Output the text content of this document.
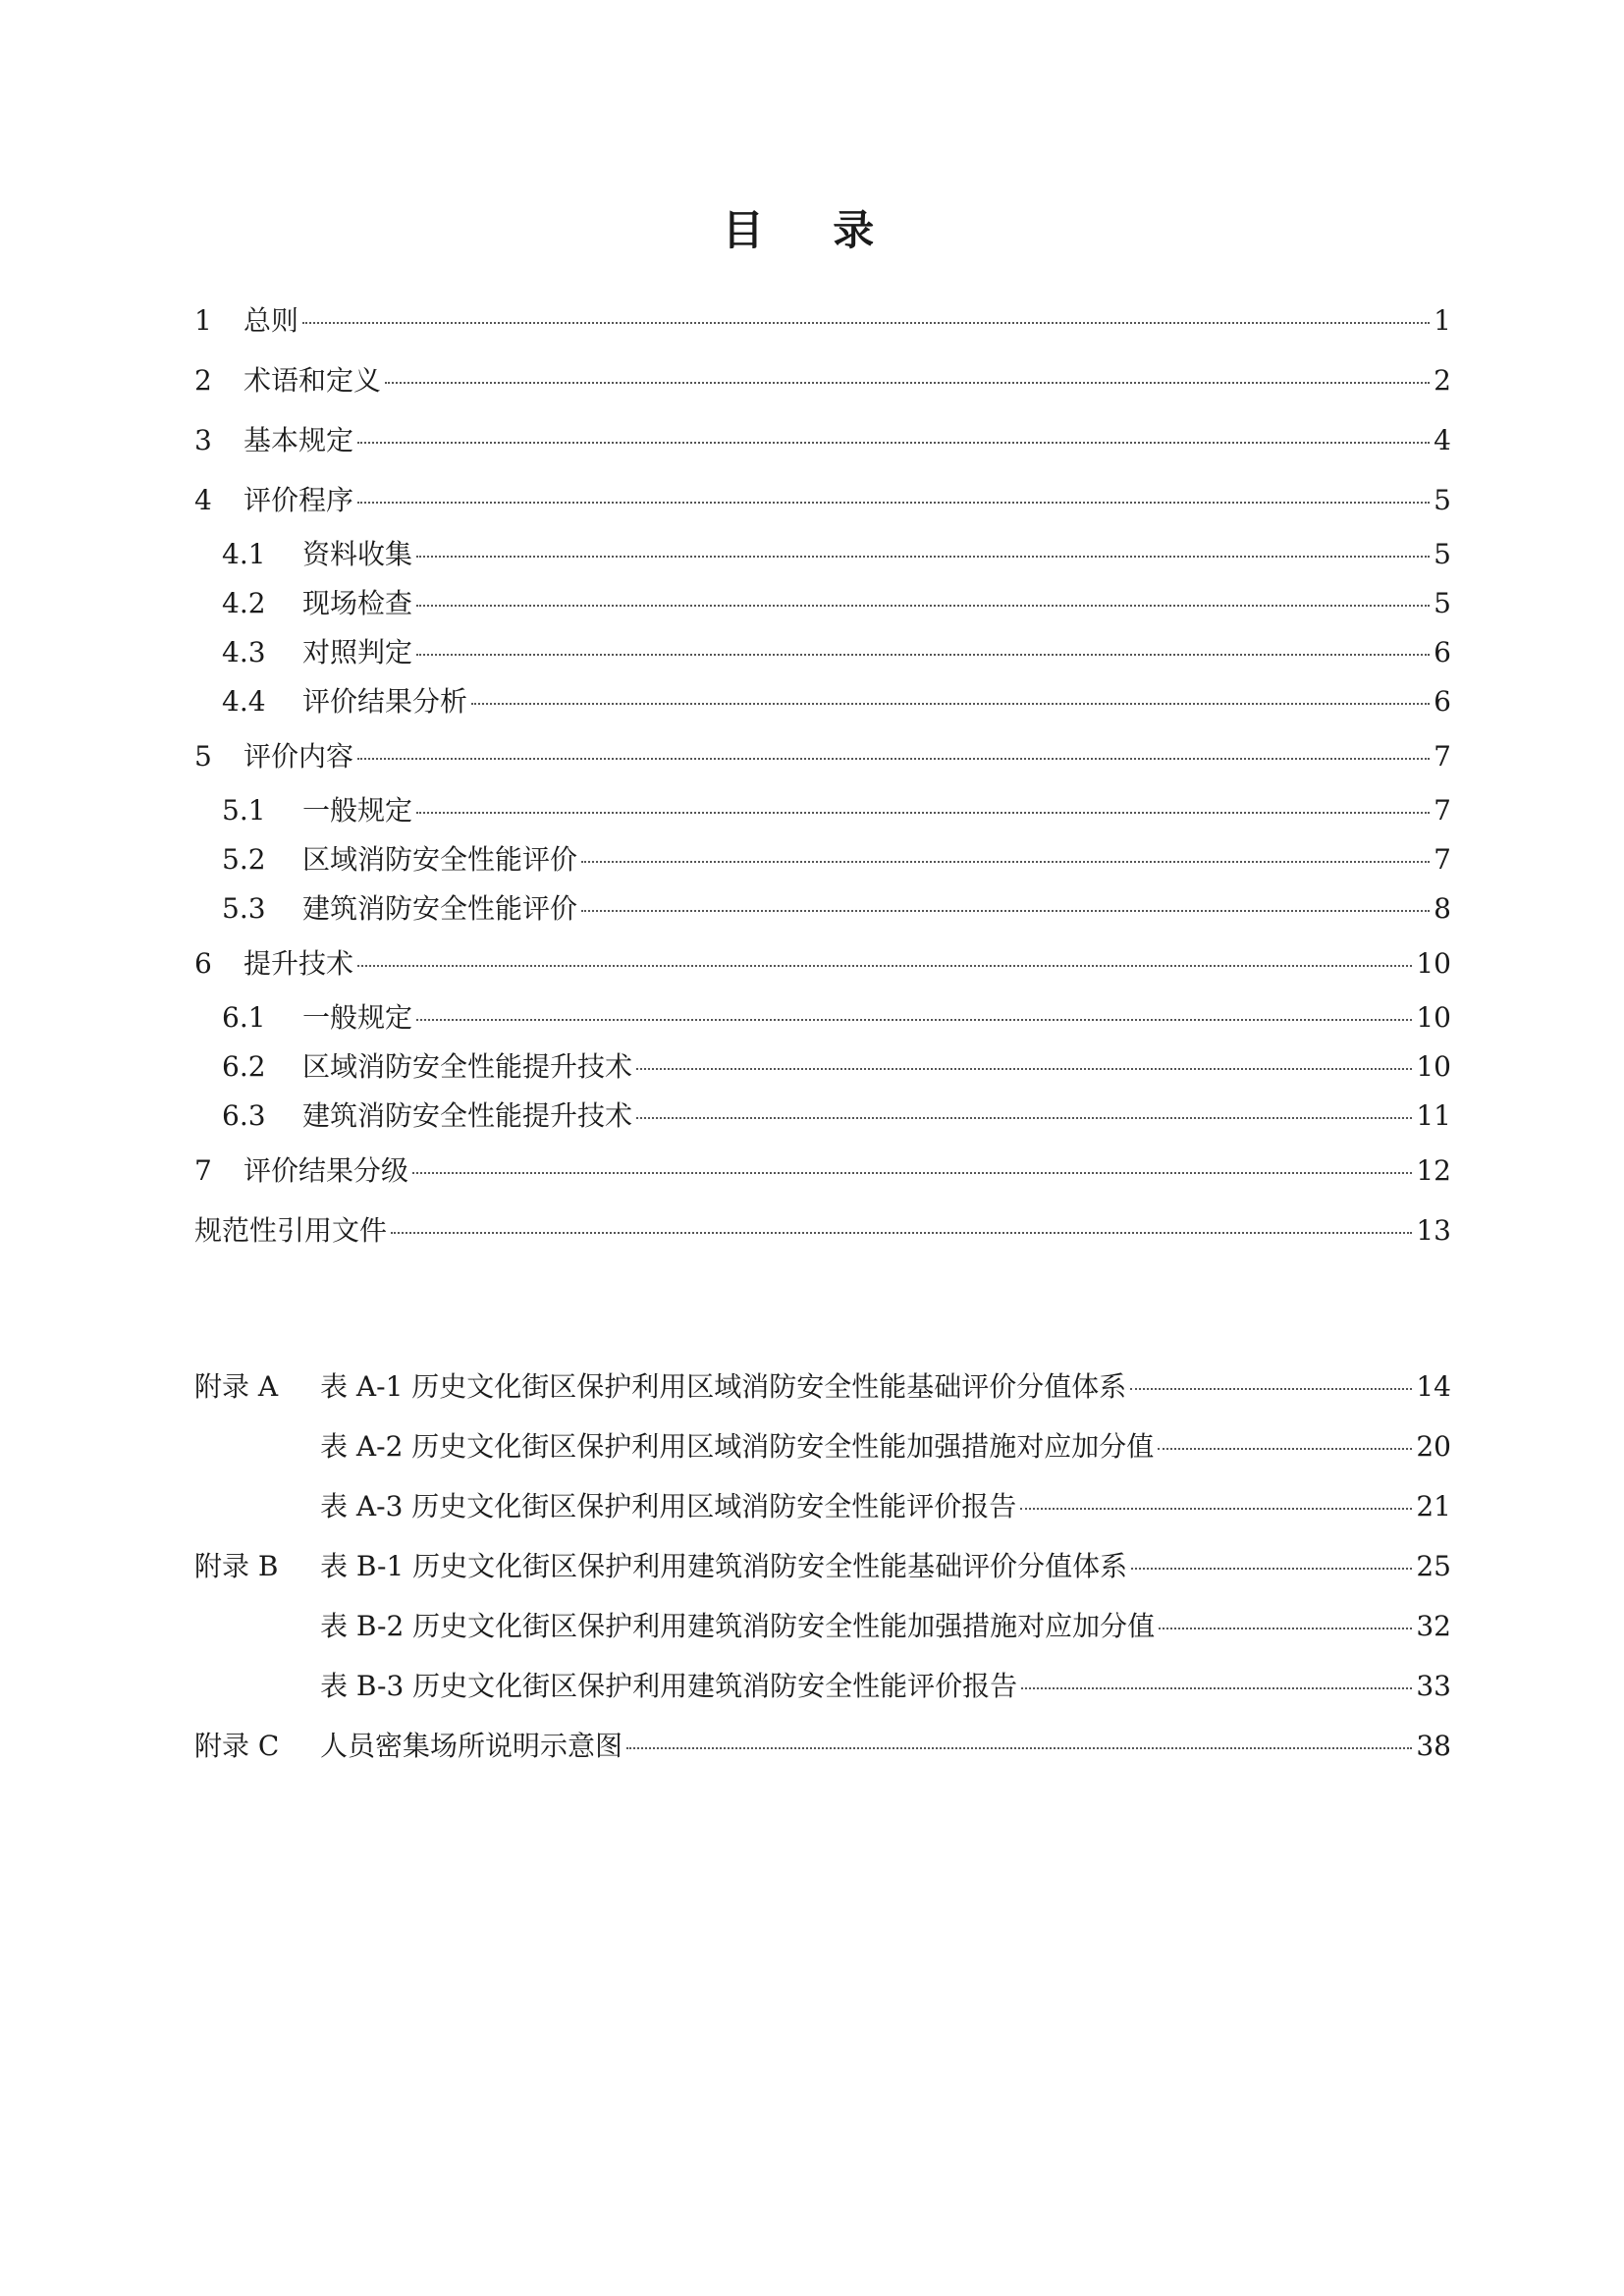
目 录
1	总则	1
2	术语和定义	2
3	基本规定	4
4	评价程序	5
4.1	资料收集	5
4.2	现场检查	5
4.3	对照判定	6
4.4	评价结果分析	6
5	评价内容	7
5.1	一般规定	7
5.2	区域消防安全性能评价	7
5.3	建筑消防安全性能评价	8
6	提升技术	10
6.1	一般规定	10
6.2	区域消防安全性能提升技术	10
6.3	建筑消防安全性能提升技术	11
7	评价结果分级	12
规范性引用文件	13
附录 A	表 A-1 历史文化街区保护利用区域消防安全性能基础评价分值体系	14
表 A-2 历史文化街区保护利用区域消防安全性能加强措施对应加分值	20
表 A-3 历史文化街区保护利用区域消防安全性能评价报告	21
附录 B	表 B-1 历史文化街区保护利用建筑消防安全性能基础评价分值体系	25
表 B-2 历史文化街区保护利用建筑消防安全性能加强措施对应加分值	32
表 B-3 历史文化街区保护利用建筑消防安全性能评价报告	33
附录 C	人员密集场所说明示意图	38
